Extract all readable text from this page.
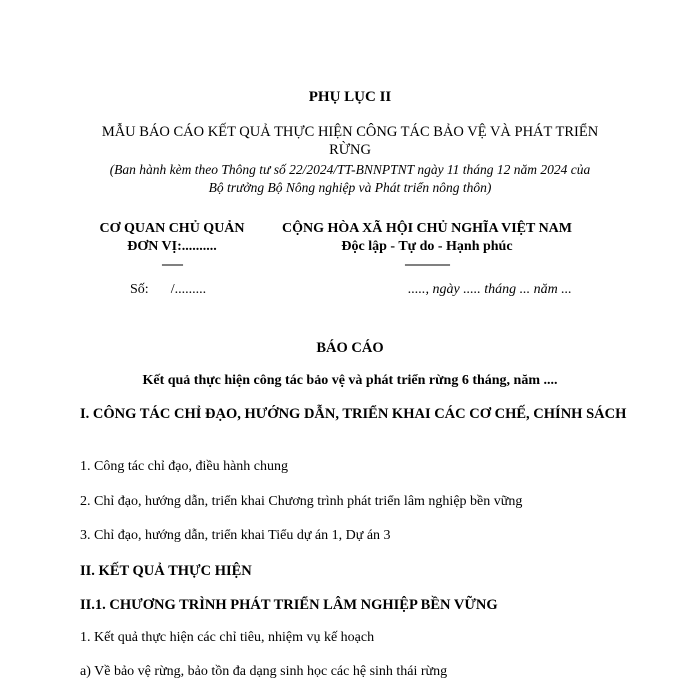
PHỤ LỤC II
MẪU BÁO CÁO KẾT QUẢ THỰC HIỆN CÔNG TÁC BẢO VỆ VÀ PHÁT TRIỂN RỪNG
(Ban hành kèm theo Thông tư số 22/2024/TT-BNNPTNT ngày 11 tháng 12 năm 2024 của
Bộ trưởng Bộ Nông nghiệp và Phát triển nông thôn)
CƠ QUAN CHỦ QUẢN
ĐƠN VỊ:..........
-------
CỘNG HÒA XÃ HỘI CHỦ NGHĨA VIỆT NAM
Độc lập - Tự do - Hạnh phúc
---------------
Số: /.........	....., ngày ..... tháng ... năm ...
BÁO CÁO
Kết quả thực hiện công tác bảo vệ và phát triển rừng 6 tháng, năm ....
I. CÔNG TÁC CHỈ ĐẠO, HƯỚNG DẪN, TRIỂN KHAI CÁC CƠ CHẾ, CHÍNH SÁCH
1. Công tác chỉ đạo, điều hành chung
2. Chỉ đạo, hướng dẫn, triển khai Chương trình phát triển lâm nghiệp bền vững
3. Chỉ đạo, hướng dẫn, triển khai Tiểu dự án 1, Dự án 3
II. KẾT QUẢ THỰC HIỆN
II.1. CHƯƠNG TRÌNH PHÁT TRIỂN LÂM NGHIỆP BỀN VỮNG
1. Kết quả thực hiện các chỉ tiêu, nhiệm vụ kế hoạch
a) Về bảo vệ rừng, bảo tồn đa dạng sinh học các hệ sinh thái rừng
